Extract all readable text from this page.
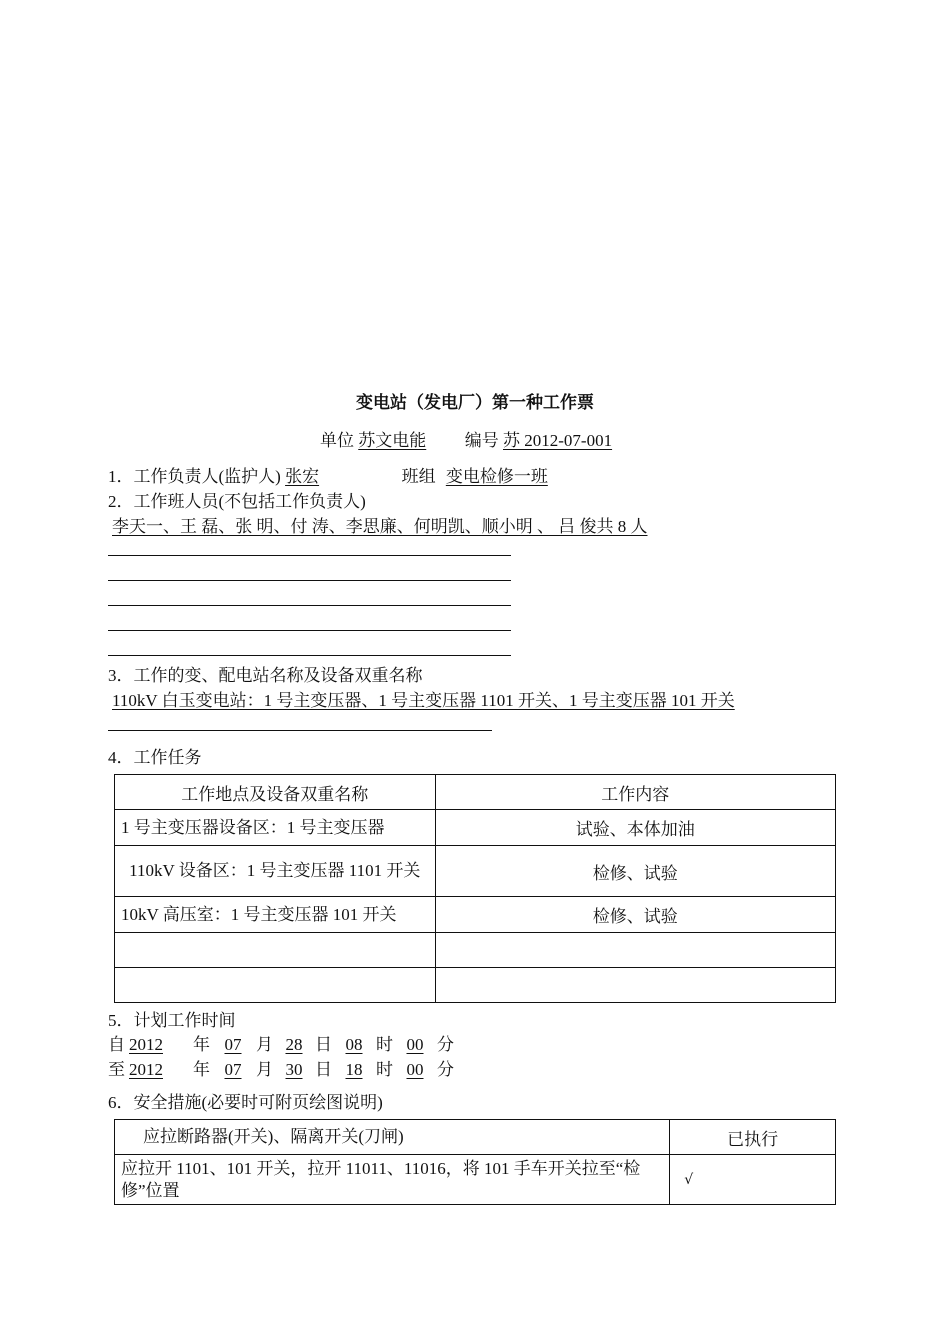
变电站（发电厂）第一种工作票
单位 苏文电能 编号 苏 2012-07-001
1．工作负责人(监护人) 张宏	班组 变电检修一班
2．工作班人员(不包括工作负责人)
李天一、王 磊、张 明、付 涛、李思廉、何明凯、顺小明 、 吕 俊共 8 人
3．工作的变、配电站名称及设备双重名称
110kV 白玉变电站：1 号主变压器、1 号主变压器 1101 开关、1 号主变压器 101 开关
4．工作任务
工作地点及设备双重名称	工作内容
1 号主变压器设备区：1 号主变压器	试验、本体加油
110kV 设备区：1 号主变压器 1101 开关	检修、试验
10kV 高压室：1 号主变压器 101 开关	检修、试验

5．计划工作时间
自 2012 年 07 月 28 日 08 时 00 分
至 2012 年 07 月 30 日 18 时 00 分
6．安全措施(必要时可附页绘图说明)
应拉断路器(开关)、隔离开关(刀闸)	已执行
应拉开 1101、101 开关，拉开 11011、11016，将 101 手车开关拉至“检修”位置	√
